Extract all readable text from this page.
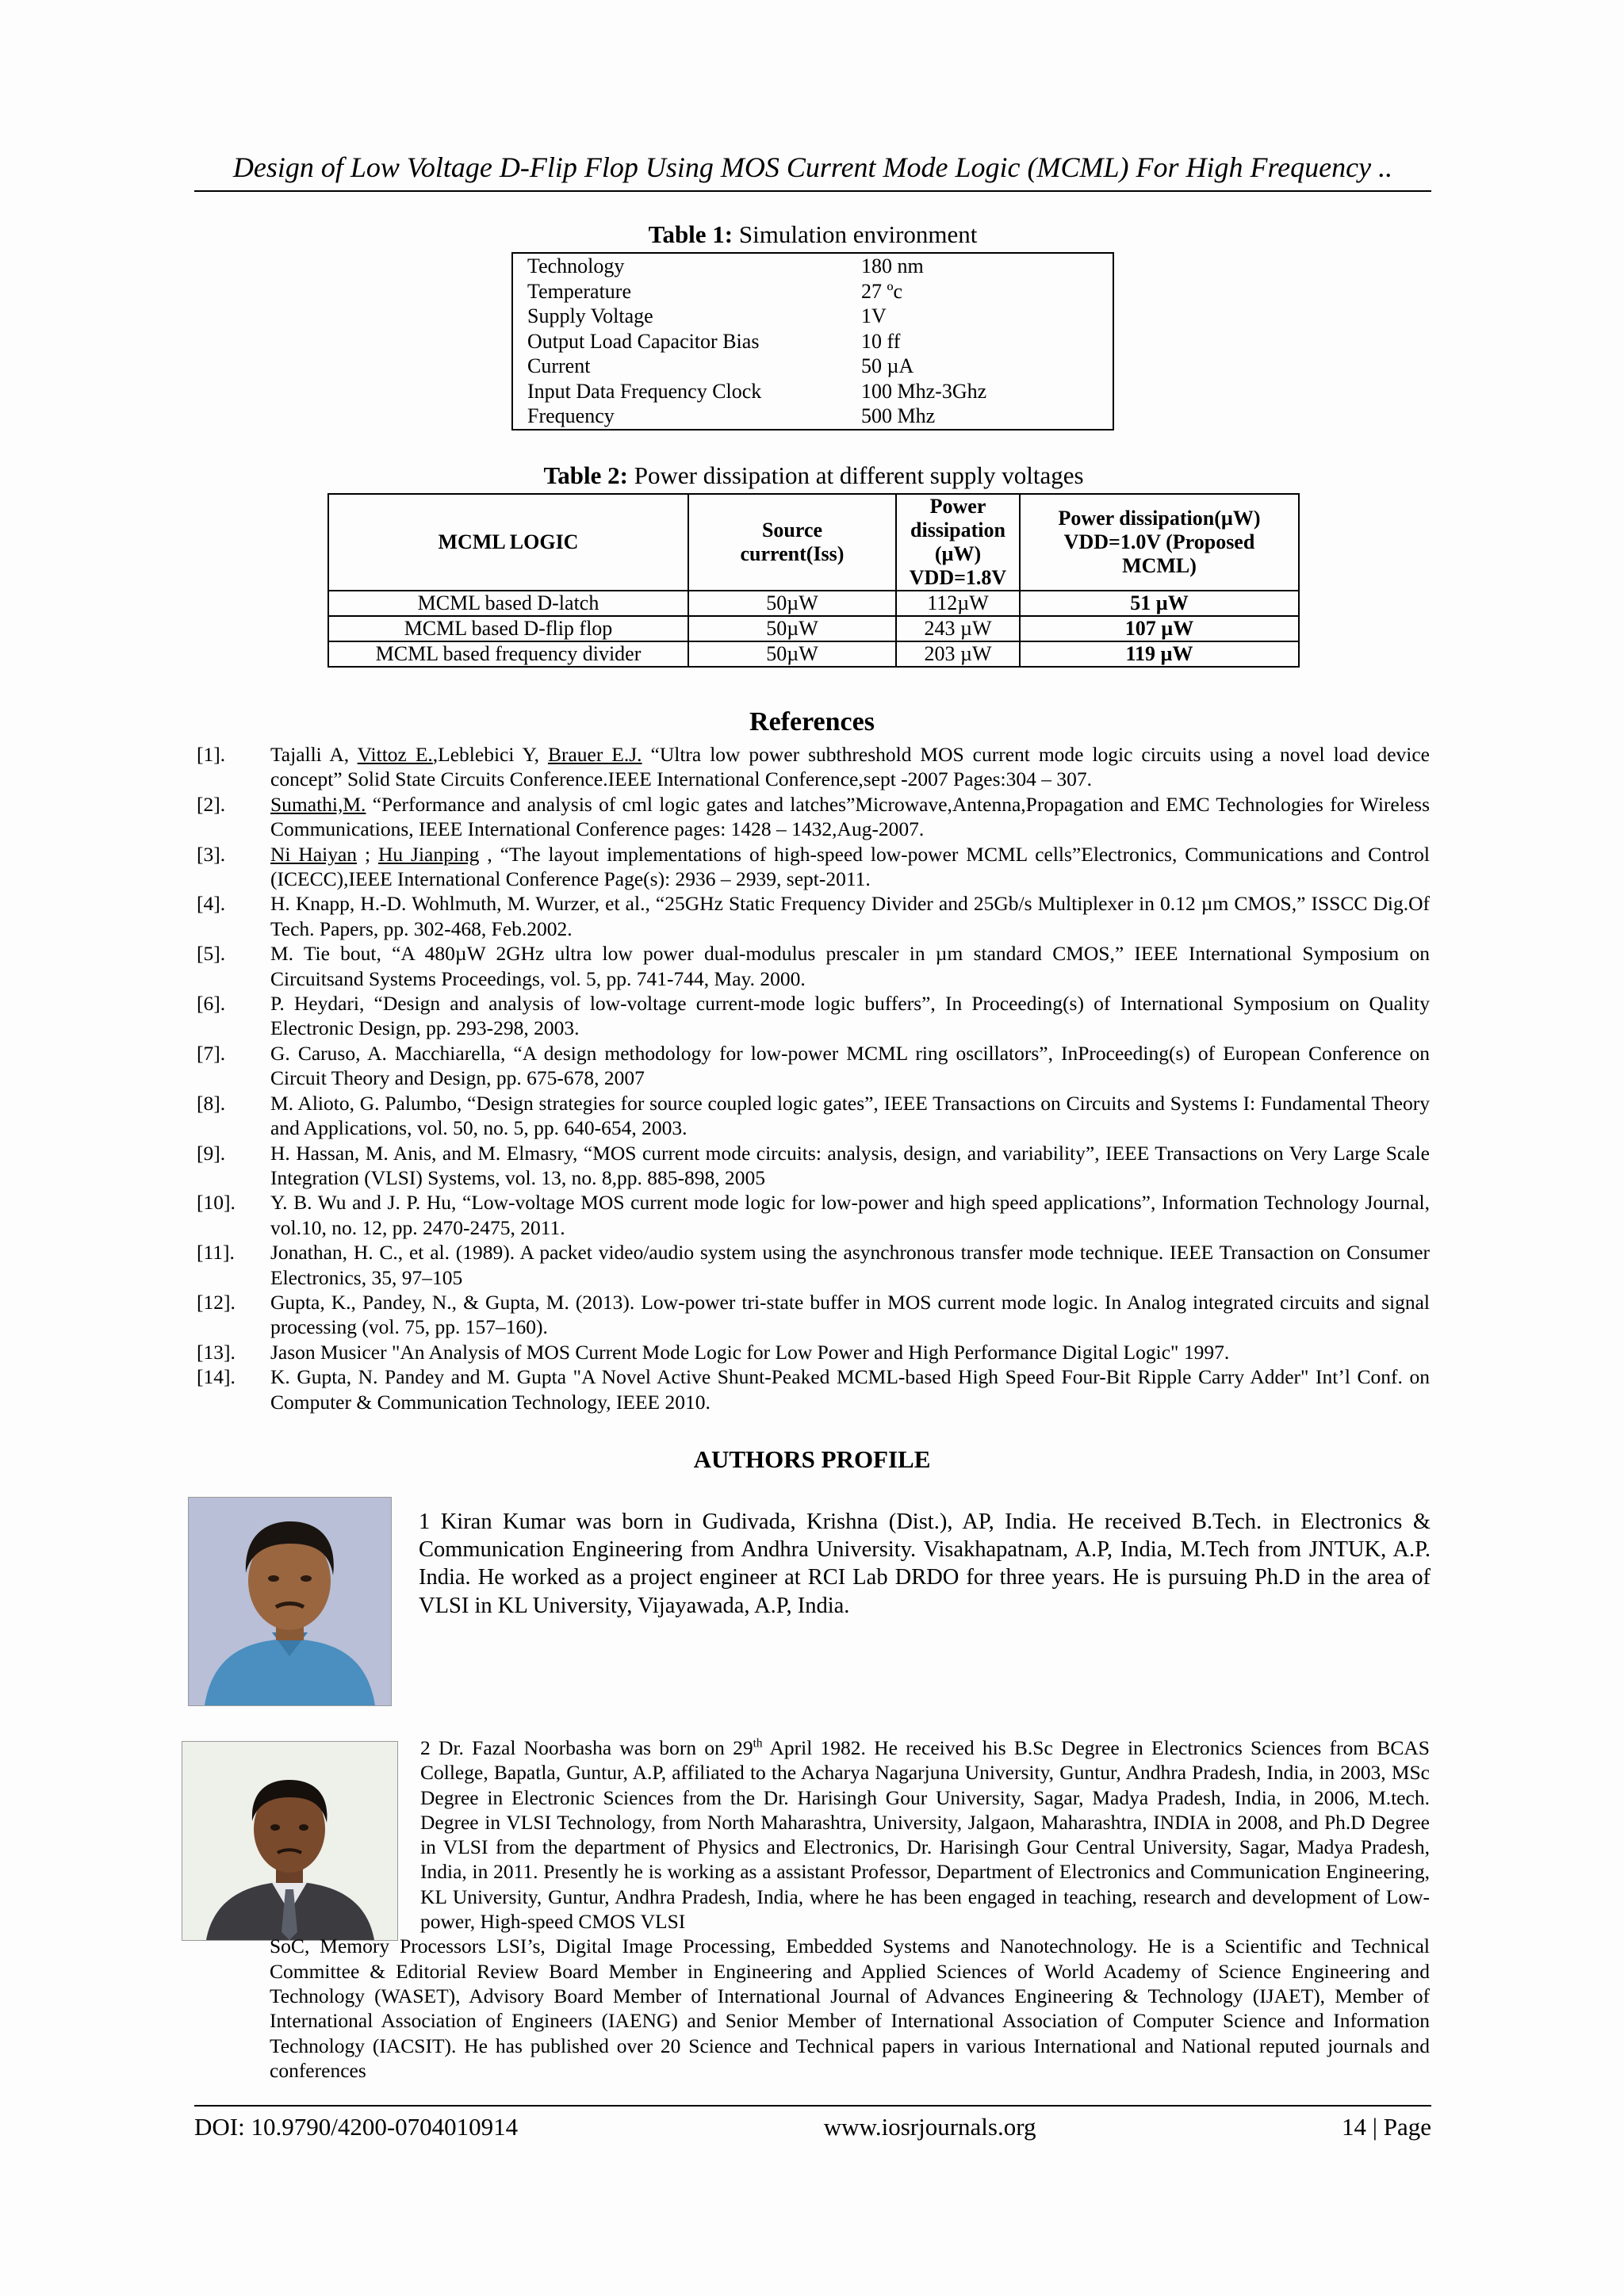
Design of Low Voltage D-Flip Flop Using MOS Current Mode Logic (MCML) For High Frequency ..
Table 1: Simulation environment
Technology	180 nm
Temperature	27 ºc
Supply Voltage	1V
Output Load Capacitor Bias	10 ff
Current	50 µA
Input Data Frequency Clock	100 Mhz-3Ghz
Frequency	500 Mhz
Table 2: Power dissipation at different supply voltages
MCML LOGIC	Source current(Iss)	Power dissipation (µW) VDD=1.8V	Power dissipation(µW) VDD=1.0V (Proposed MCML)
MCML based D-latch	50µW	112µW	51 µW
MCML based D-flip flop	50µW	243 µW	107 µW
MCML based frequency divider	50µW	203 µW	119 µW
References
[1].	Tajalli A, Vittoz E.,Leblebici Y, Brauer E.J. “Ultra low power subthreshold MOS current mode logic circuits using a novel load device concept” Solid State Circuits Conference.IEEE International Conference,sept -2007 Pages:304 – 307.
[2].	Sumathi,M. “Performance and analysis of cml logic gates and latches”Microwave,Antenna,Propagation and EMC Technologies for Wireless Communications, IEEE International Conference pages: 1428 – 1432,Aug-2007.
[3].	Ni Haiyan ; Hu Jianping , “The layout implementations of high-speed low-power MCML cells”Electronics, Communications and Control (ICECC),IEEE International Conference Page(s): 2936 – 2939, sept-2011.
[4].	H. Knapp, H.-D. Wohlmuth, M. Wurzer, et al., “25GHz Static Frequency Divider and 25Gb/s Multiplexer in 0.12 µm CMOS,” ISSCC Dig.Of Tech. Papers, pp. 302-468, Feb.2002.
[5].	M. Tie bout, “A 480µW 2GHz ultra low power dual-modulus prescaler in µm standard CMOS,” IEEE International Symposium on Circuitsand Systems Proceedings, vol. 5, pp. 741-744, May. 2000.
[6].	P. Heydari, “Design and analysis of low-voltage current-mode logic buffers”, In Proceeding(s) of International Symposium on Quality Electronic Design, pp. 293-298, 2003.
[7].	G. Caruso, A. Macchiarella, “A design methodology for low-power MCML ring oscillators”, InProceeding(s) of European Conference on Circuit Theory and Design, pp. 675-678, 2007
[8].	M. Alioto, G. Palumbo, “Design strategies for source coupled logic gates”, IEEE Transactions on Circuits and Systems I: Fundamental Theory and Applications, vol. 50, no. 5, pp. 640-654, 2003.
[9].	H. Hassan, M. Anis, and M. Elmasry, “MOS current mode circuits: analysis, design, and variability”, IEEE Transactions on Very Large Scale Integration (VLSI) Systems, vol. 13, no. 8,pp. 885-898, 2005
[10].	Y. B. Wu and J. P. Hu, “Low-voltage MOS current mode logic for low-power and high speed applications”, Information Technology Journal, vol.10, no. 12, pp. 2470-2475, 2011.
[11].	Jonathan, H. C., et al. (1989). A packet video/audio system using the asynchronous transfer mode technique. IEEE Transaction on Consumer Electronics, 35, 97–105
[12].	Gupta, K., Pandey, N., & Gupta, M. (2013). Low-power tri-state buffer in MOS current mode logic. In Analog integrated circuits and signal processing (vol. 75, pp. 157–160).
[13].	Jason Musicer "An Analysis of MOS Current Mode Logic for Low Power and High Performance Digital Logic" 1997.
[14].	K. Gupta, N. Pandey and M. Gupta "A Novel Active Shunt-Peaked MCML-based High Speed Four-Bit Ripple Carry Adder" Int’l Conf. on Computer & Communication Technology, IEEE 2010.
AUTHORS PROFILE
1 Kiran Kumar was born in Gudivada, Krishna (Dist.), AP, India. He received B.Tech. in Electronics & Communication Engineering from Andhra University. Visakhapatnam, A.P, India, M.Tech from JNTUK, A.P. India. He worked as a project engineer at RCI Lab DRDO for three years. He is pursuing Ph.D in the area of VLSI in KL University, Vijayawada, A.P, India.
2 Dr. Fazal Noorbasha was born on 29th April 1982. He received his B.Sc Degree in Electronics Sciences from BCAS College, Bapatla, Guntur, A.P, affiliated to the Acharya Nagarjuna University, Guntur, Andhra Pradesh, India, in 2003, MSc Degree in Electronic Sciences from the Dr. Harisingh Gour University, Sagar, Madya Pradesh, India, in 2006, M.tech. Degree in VLSI Technology, from North Maharashtra, University, Jalgaon, Maharashtra, INDIA in 2008, and Ph.D Degree in VLSI from the department of Physics and Electronics, Dr. Harisingh Gour Central University, Sagar, Madya Pradesh, India, in 2011. Presently he is working as a assistant Professor, Department of Electronics and Communication Engineering, KL University, Guntur, Andhra Pradesh, India, where he has been engaged in teaching, research and development of Low-power, High-speed CMOS VLSI
SoC, Memory Processors LSI’s, Digital Image Processing, Embedded Systems and Nanotechnology. He is a Scientific and Technical Committee & Editorial Review Board Member in Engineering and Applied Sciences of World Academy of Science Engineering and Technology (WASET), Advisory Board Member of International Journal of Advances Engineering & Technology (IJAET), Member of International Association of Engineers (IAENG) and Senior Member of International Association of Computer Science and Information Technology (IACSIT). He has published over 20 Science and Technical papers in various International and National reputed journals and conferences
DOI: 10.9790/4200-0704010914	www.iosrjournals.org	14 | Page
